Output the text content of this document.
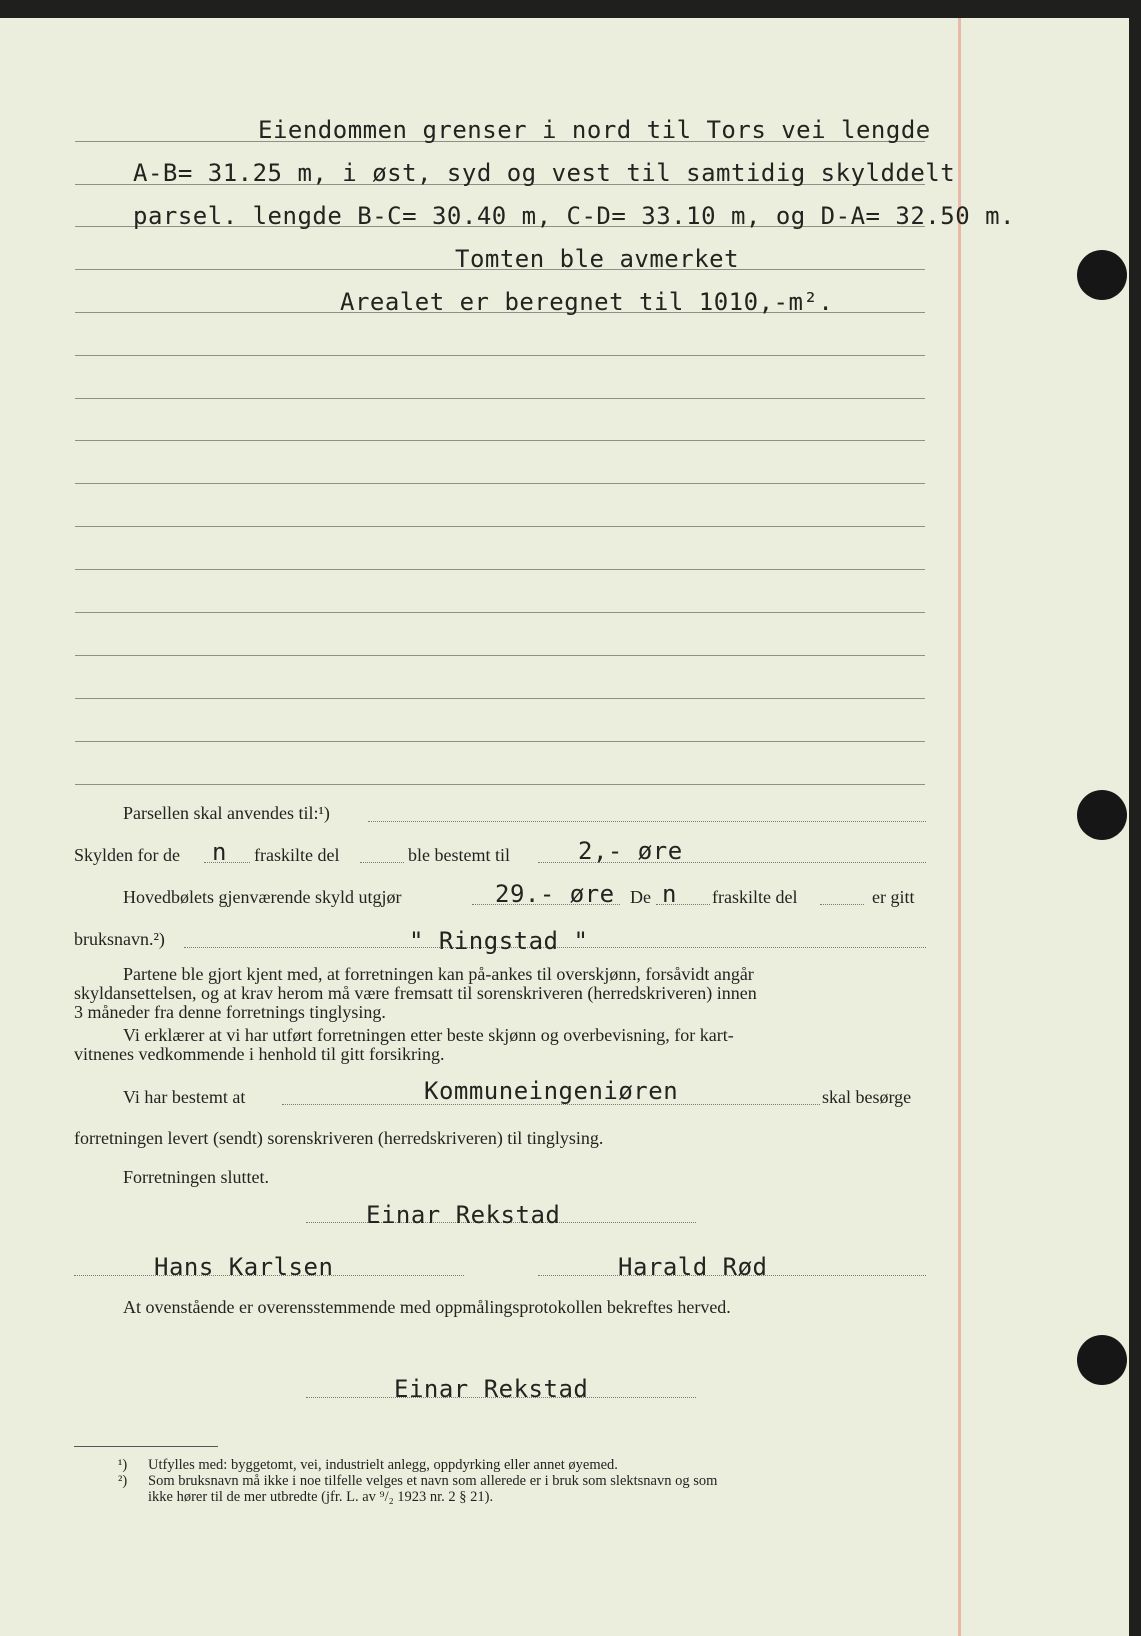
Eiendommen grenser i nord til Tors vei lengde
A-B= 31.25 m, i øst, syd og vest til samtidig skylddelt
parsel. lengde B-C= 30.40 m, C-D= 33.10 m, og D-A= 32.50 m.
Tomten ble avmerket
Arealet er beregnet til 1010,-m².
Parsellen skal anvendes til:¹)
Skylden for de n fraskilte del	ble bestemt til	2,- øre
Hovedbølets gjenværende skyld utgjør	29.- øre De n fraskilte del	er gitt
bruksnavn.²)	" Ringstad "

Partene ble gjort kjent med, at forretningen kan på-ankes til overskjønn, forsåvidt angår

skyldansettelsen, og at krav herom må være fremsatt til sorenskriveren (herredskriveren) innen

3 måneder fra denne forretnings tinglysing.

Vi erklærer at vi har utført forretningen etter beste skjønn og overbevisning, for kart-

vitnenes vedkommende i henhold til gitt forsikring.

Vi har bestemt at	Kommuneingeniøren	skal besørge
forretningen levert (sendt) sorenskriveren (herredskriveren) til tinglysing.
Forretningen sluttet.
Einar Rekstad
Hans Karlsen	Harald Rød
At ovenstående er overensstemmende med oppmålingsprotokollen bekreftes herved.
Einar Rekstad
¹) Utfylles med: byggetomt, vei, industrielt anlegg, oppdyrking eller annet øyemed.
²) Som bruksnavn må ikke i noe tilfelle velges et navn som allerede er i bruk som slektsnavn og som
ikke hører til de mer utbredte (jfr. L. av ⁹/₂ 1923 nr. 2 § 21).
